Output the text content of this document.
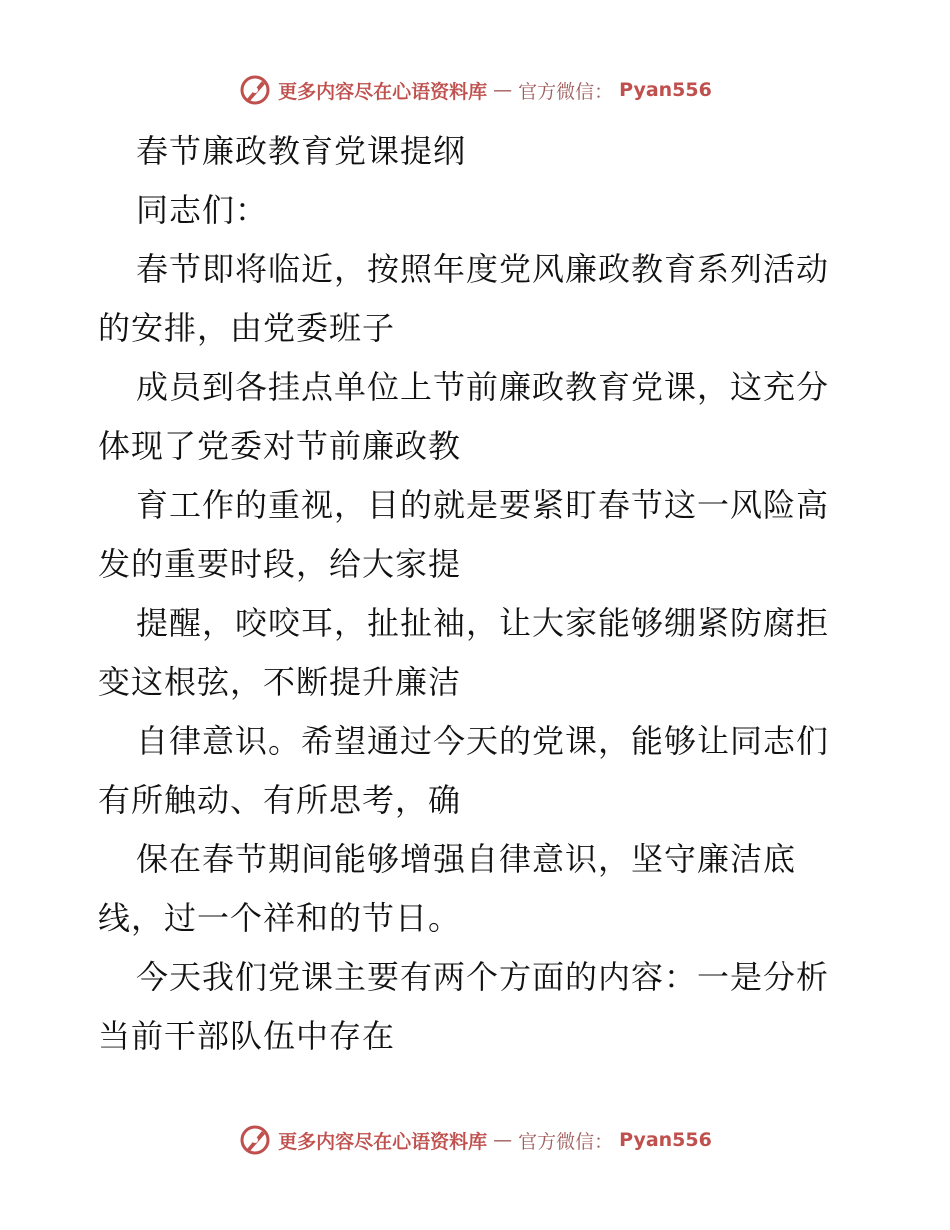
更多内容尽在心语资料库 — 官方微信： Pyan556

春节廉政教育党课提纲

同志们：

春节即将临近，按照年度党风廉政教育系列活动
的安排，由党委班子

成员到各挂点单位上节前廉政教育党课，这充分
体现了党委对节前廉政教

育工作的重视，目的就是要紧盯春节这一风险高
发的重要时段，给大家提

提醒，咬咬耳，扯扯袖，让大家能够绷紧防腐拒
变这根弦，不断提升廉洁

自律意识。希望通过今天的党课，能够让同志们
有所触动、有所思考，确

保在春节期间能够增强自律意识，坚守廉洁底
线，过一个祥和的节日。

今天我们党课主要有两个方面的内容：一是分析
当前干部队伍中存在

更多内容尽在心语资料库 — 官方微信： Pyan556
